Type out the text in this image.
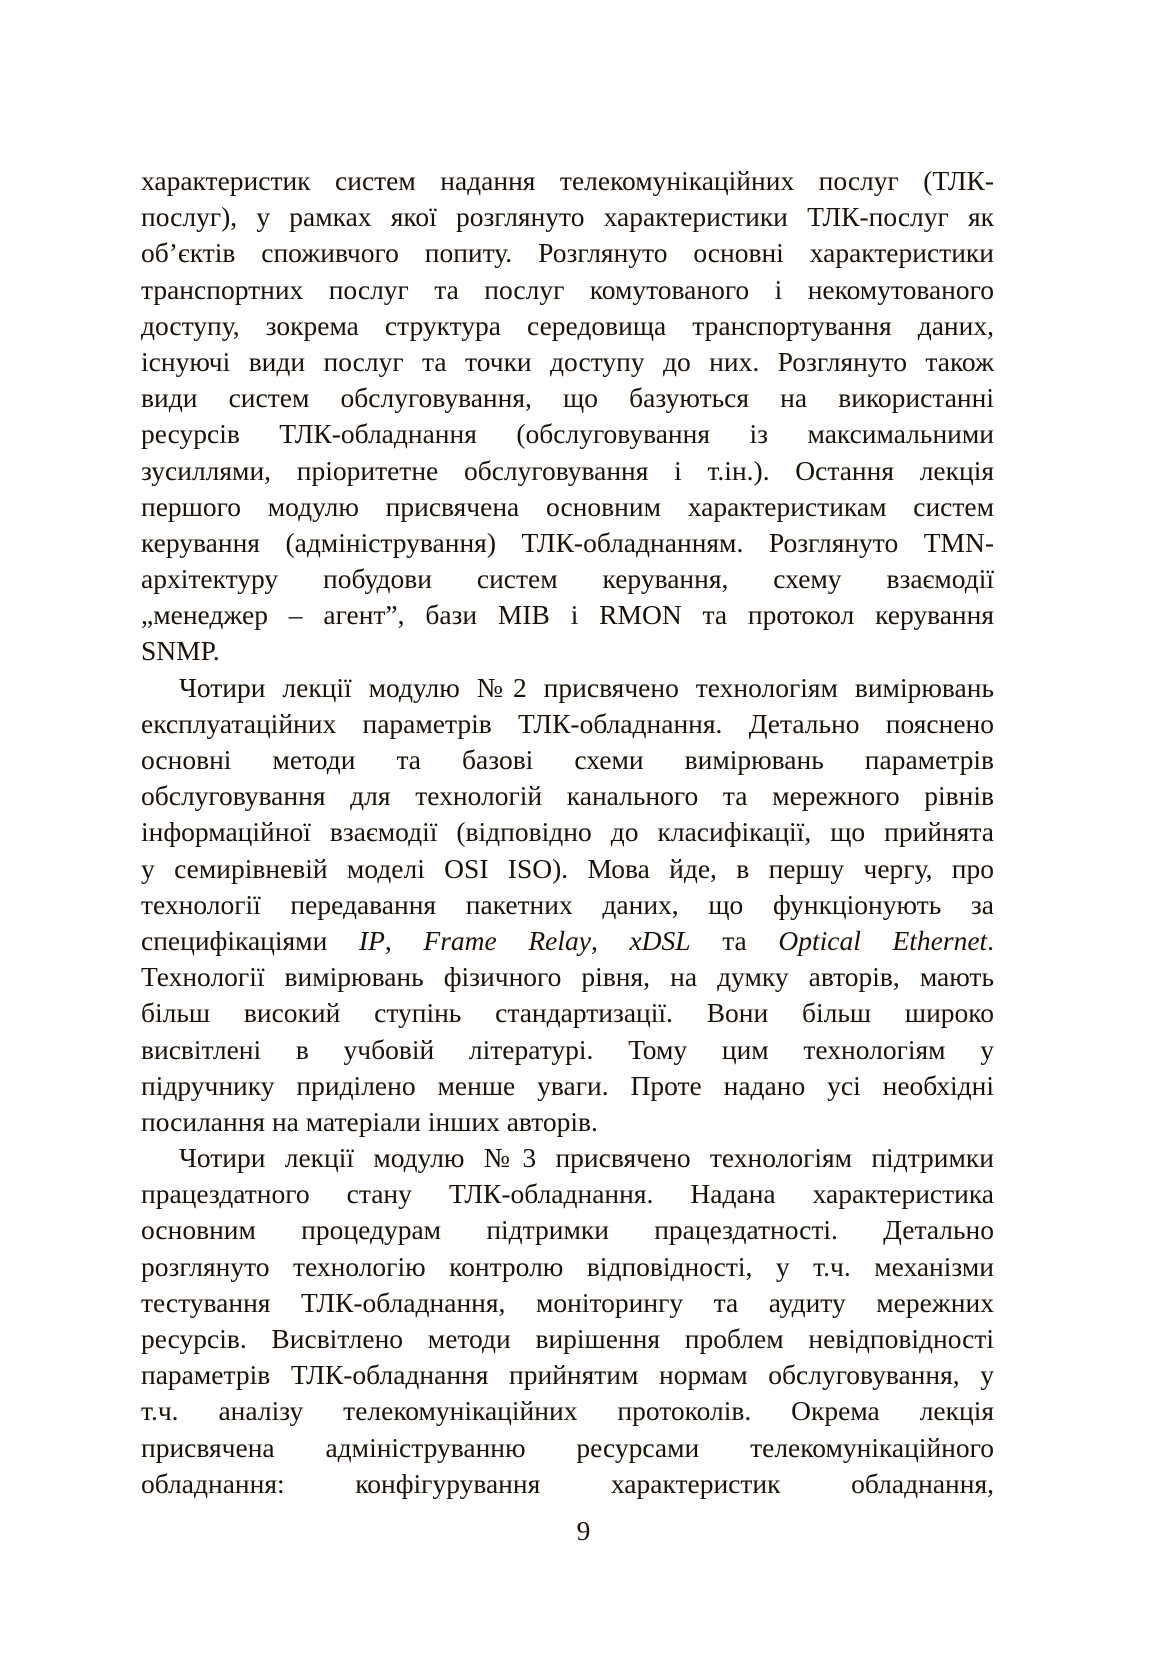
характеристик систем надання телекомунікаційних послуг (ТЛК-
послуг), у рамках якої розглянуто характеристики ТЛК-послуг як
об’єктів споживчого попиту. Розглянуто основні характеристики
транспортних послуг та послуг комутованого і некомутованого
доступу, зокрема структура середовища транспортування даних,
існуючі види послуг та точки доступу до них. Розглянуто також
види систем обслуговування, що базуються на використанні
ресурсів ТЛК-обладнання (обслуговування із максимальними
зусиллями, пріоритетне обслуговування і т.ін.). Остання лекція
першого модулю присвячена основним характеристикам систем
керування (адміністрування) ТЛК-обладнанням. Розглянуто TMN-
архітектуру побудови систем керування, схему взаємодії
„менеджер – агент”, бази MIB і RMON та протокол керування
SNMP.
Чотири лекції модулю №2 присвячено технологіям вимірювань
експлуатаційних параметрів ТЛК-обладнання. Детально пояснено
основні методи та базові схеми вимірювань параметрів
обслуговування для технологій канального та мережного рівнів
інформаційної взаємодії (відповідно до класифікації, що прийнята
у семирівневій моделі OSI ISO). Мова йде, в першу чергу, про
технології передавання пакетних даних, що функціонують за
специфікаціями IP, Frame Relay, xDSL та Optical Ethernet.
Технології вимірювань фізичного рівня, на думку авторів, мають
більш високий ступінь стандартизації. Вони більш широко
висвітлені в учбовій літературі. Тому цим технологіям у
підручнику приділено менше уваги. Проте надано усі необхідні
посилання на матеріали інших авторів.
Чотири лекції модулю №3 присвячено технологіям підтримки
працездатного стану ТЛК-обладнання. Надана характеристика
основним процедурам підтримки працездатності. Детально
розглянуто технологію контролю відповідності, у т.ч. механізми
тестування ТЛК-обладнання, моніторингу та аудиту мережних
ресурсів. Висвітлено методи вирішення проблем невідповідності
параметрів ТЛК-обладнання прийнятим нормам обслуговування, у
т.ч. аналізу телекомунікаційних протоколів. Окрема лекція
присвячена адмініструванню ресурсами телекомунікаційного
обладнання: конфігурування характеристик обладнання,
9
